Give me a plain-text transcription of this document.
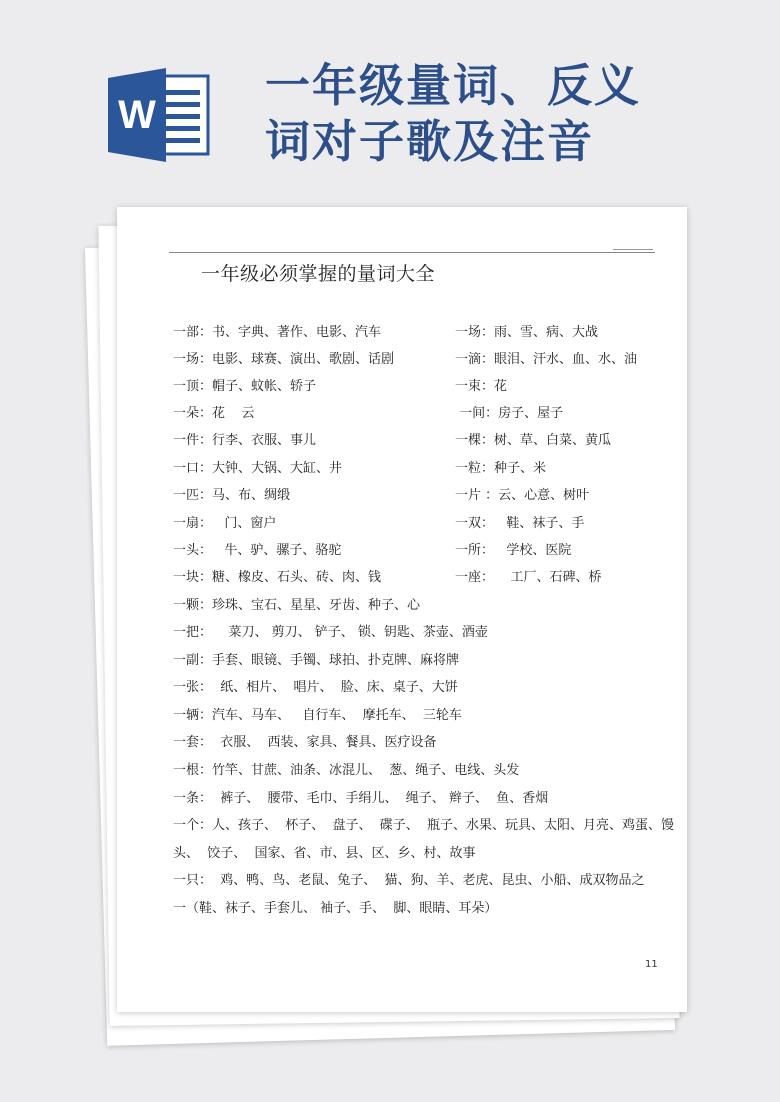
W
一年级量词、反义
词对子歌及注音
一年级必须掌握的量词大全
一部：书、字典、著作、电影、汽车	一场：雨、雪、病、大战
一场：电影、球赛、演出、歌剧、话剧	一滴：眼泪、汗水、血、水、油
一顶：帽子、蚊帐、轿子	一束：花
一朵：花    云	一间：房子、屋子
一件：行李、衣服、事儿	一棵：树、草、白菜、黄瓜
一口：大钟、大锅、大缸、井	一粒：种子、米
一匹：马、布、绸缎	一片 ：云、心意、树叶
一扇：   门、窗户	一双：   鞋、袜子、手
一头：   牛、驴、骡子、骆驼	一所：   学校、医院
一块：糖、橡皮、石头、砖、肉、钱	一座：    工厂、石碑、桥
一颗：珍珠、宝石、星星、牙齿、种子、心
一把：    菜刀、 剪刀、 铲子、 锁、钥匙、茶壶、酒壶
一副：手套、眼镜、手镯、球拍、扑克牌、麻将牌
一张：  纸、相片、  唱片、  脸、床、桌子、大饼
一辆：汽车、马车、   自行车、  摩托车、  三轮车
一套：  衣服、  西装、家具、餐具、医疗设备
一根：竹竿、甘蔗、油条、冰混儿、  葱、绳子、电线、头发
一条：  裤子、  腰带、毛巾、手绢儿、  绳子、 辫子、  鱼、香烟
一个：人、孩子、  杯子、  盘子、  碟子、  瓶子、水果、玩具、太阳、月亮、鸡蛋、馒
头、  饺子、  国家、省、市、县、区、乡、村、故事
一只：  鸡、鸭、鸟、老鼠、兔子、  猫、狗、羊、老虎、昆虫、小船、成双物品之
一（鞋、袜子、手套儿、 袖子、手、  脚、眼睛、耳朵）
11
